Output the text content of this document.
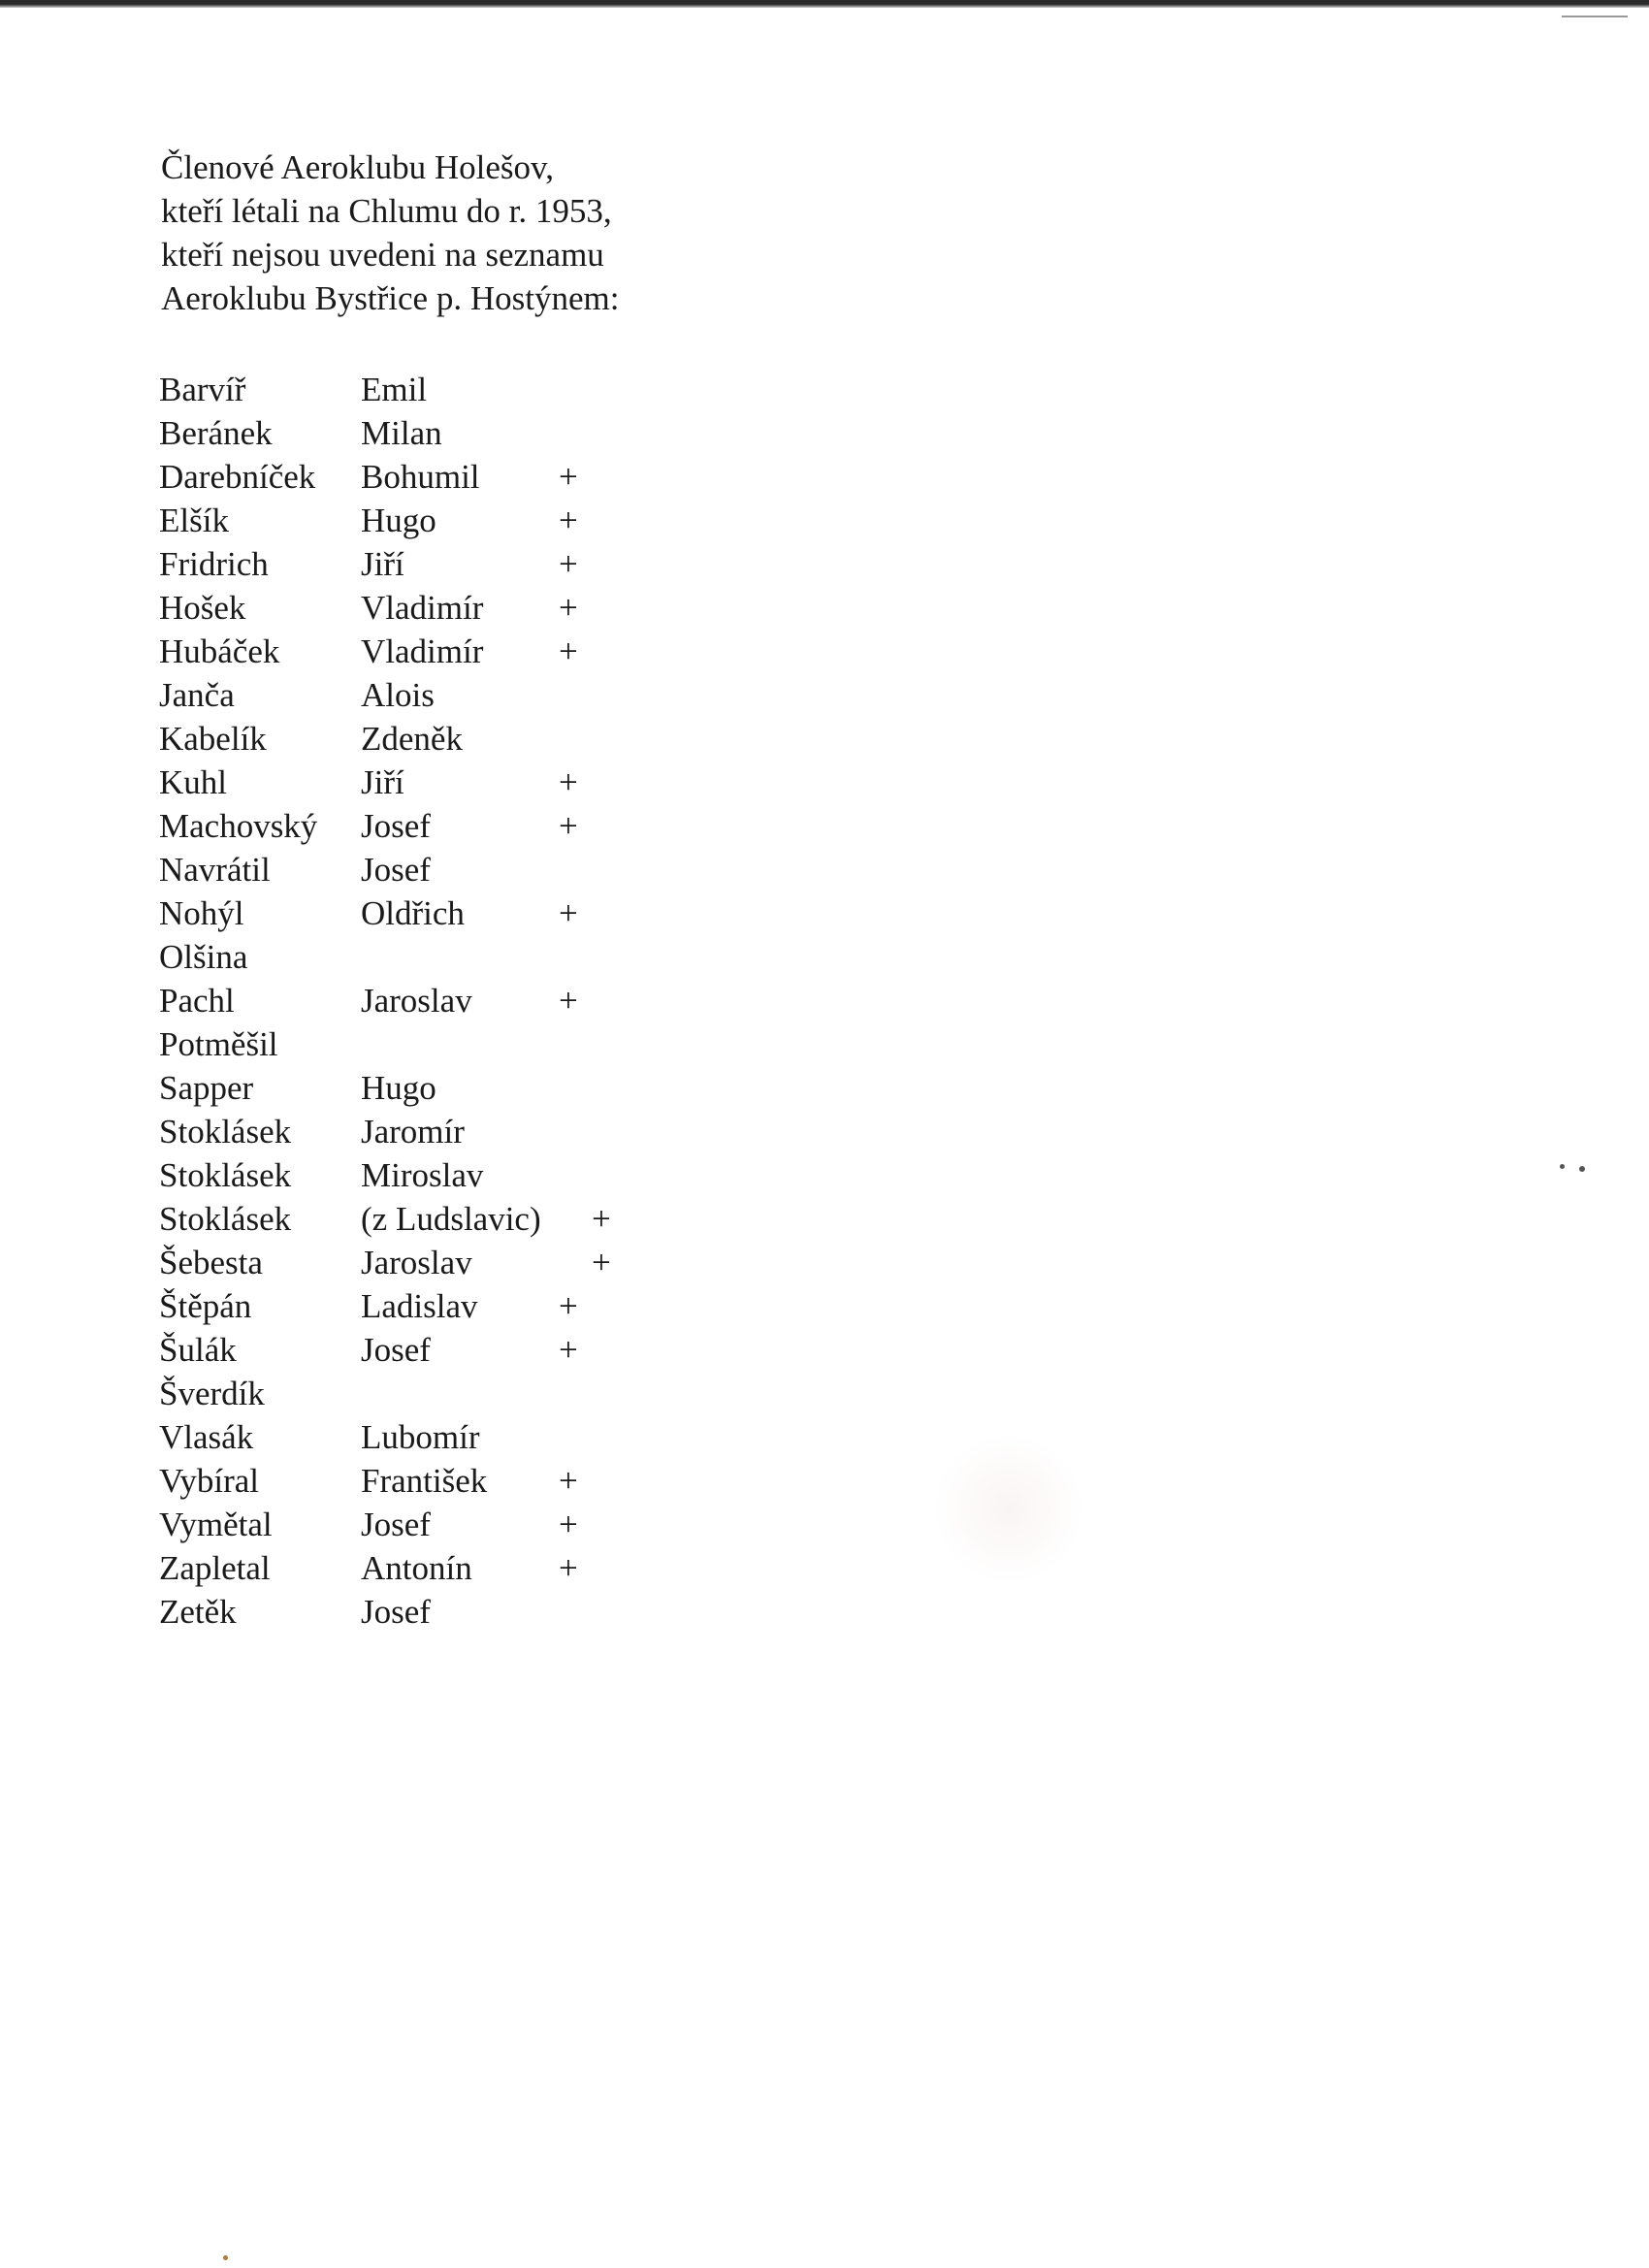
Členové Aeroklubu Holešov,
kteří létali na Chlumu do r. 1953,
kteří nejsou uvedeni na seznamu
Aeroklubu Bystřice p. Hostýnem:
Barvíř	Emil
Beránek	Milan
Darebníček Bohumil +
Elšík	Hugo	+
Fridrich	Jiří	+
Hošek	Vladimír +
Hubáček Vladimír +
Janča	Alois
Kabelík	Zdeněk
Kuhl	Jiří	+
Machovský Josef	+
Navrátil	Josef
Nohýl	Oldřich	+
Olšina
Pachl	Jaroslav	+
Potměšil
Sapper	Hugo
Stoklásek Jaromír
Stoklásek Miroslav
Stoklásek (z Ludslavic) +
Šebesta	Jaroslav	+
Štěpán	Ladislav +
Šulák	Josef	+
Šverdík
Vlasák	Lubomír
Vybíral	František +
Vymětal	Josef	+
Zapletal	Antonín	+
Zetěk	Josef
